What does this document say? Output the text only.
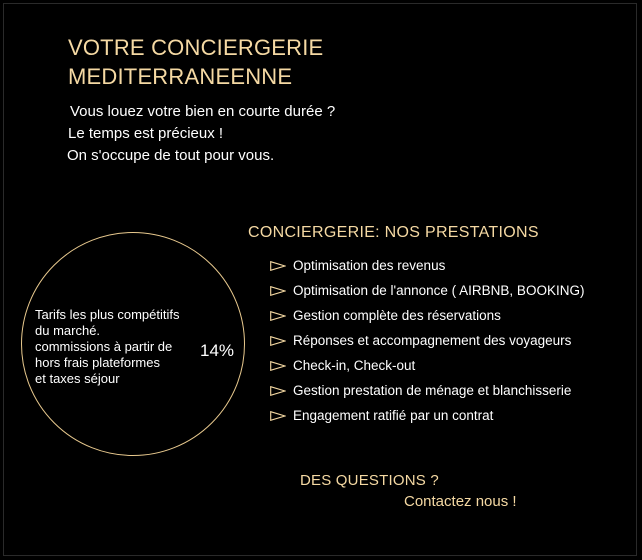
VOTRE CONCIERGERIE
MEDITERRANEENNE
Vous louez votre bien en courte durée ?
Le temps est précieux !
On s'occupe de tout pour vous.
Tarifs les plus compétitifs
du marché.
commissions à partir de
hors frais plateformes
et taxes séjour
14%
CONCIERGERIE: NOS PRESTATIONS
Optimisation des revenus
Optimisation de l'annonce ( AIRBNB, BOOKING)
Gestion complète des réservations
Réponses et accompagnement des voyageurs
Check-in, Check-out
Gestion prestation de ménage et blanchisserie
Engagement ratifié par un contrat
DES QUESTIONS ?
Contactez nous !
